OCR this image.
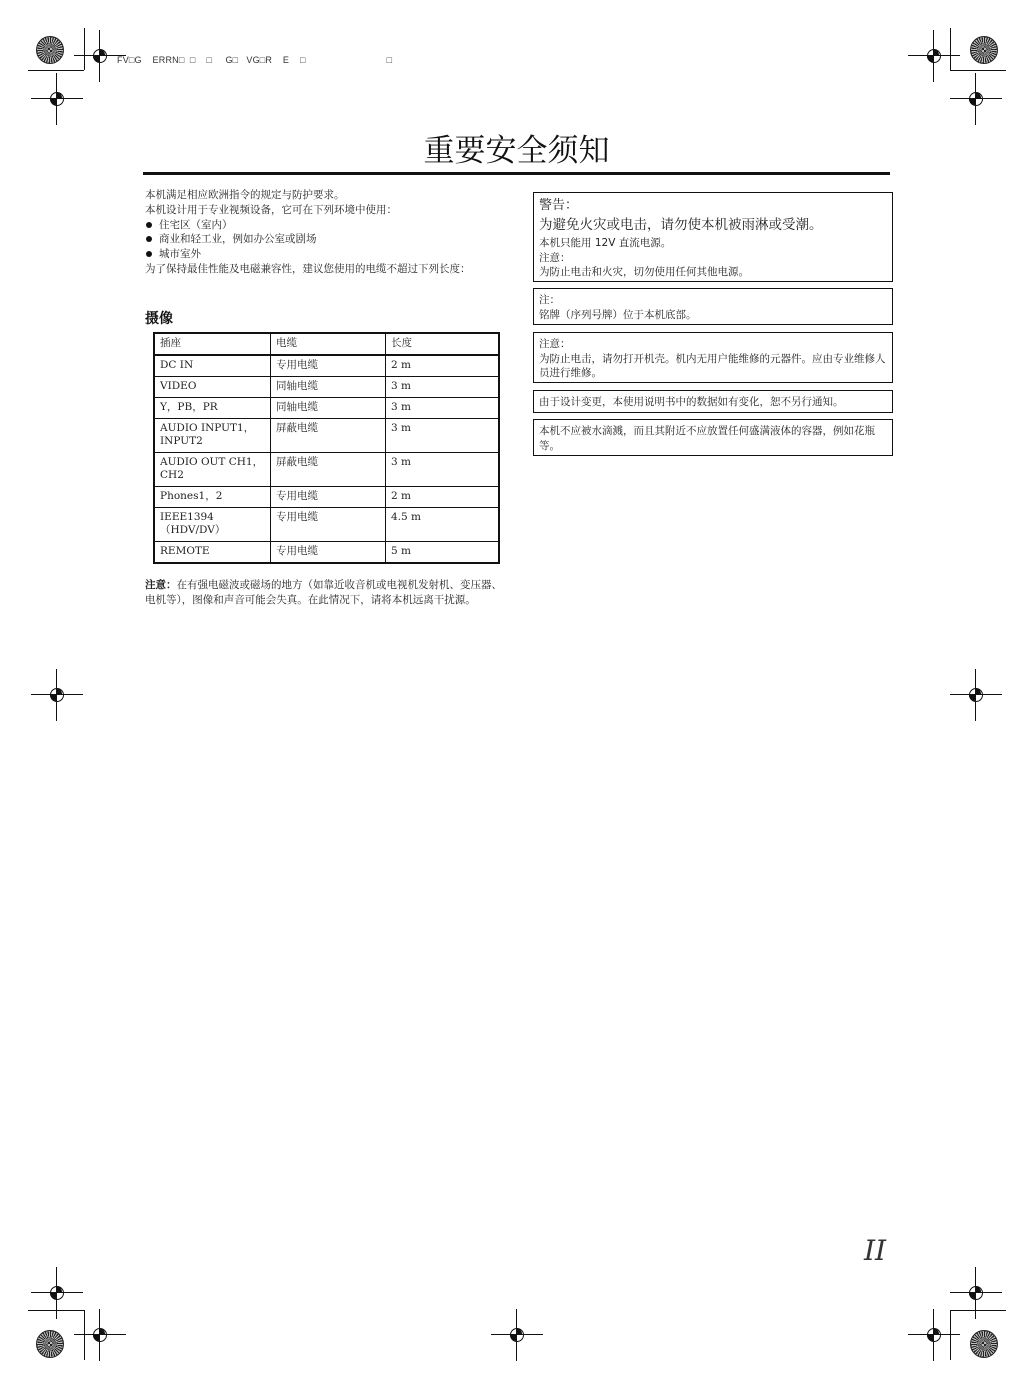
FV□G    ERRN□  □    □     G□   VG□R    E    □                              □
重要安全须知

本机满足相应欧洲指令的规定与防护要求。

本机设计用于专业视频设备，它可在下列环境中使用：

住宅区（室内）
商业和轻工业，例如办公室或剧场
城市室外

为了保持最佳性能及电磁兼容性，建议您使用的电缆不超过下列长度：

摄像
插座	电缆	长度
DC IN	专用电缆	2 m
VIDEO	同轴电缆	3 m
Y，PB，PR	同轴电缆	3 m
AUDIO INPUT1，INPUT2	屏蔽电缆	3 m
AUDIO OUT CH1，CH2	屏蔽电缆	3 m
Phones1，2	专用电缆	2 m
IEEE1394（HDV/DV）	专用电缆	4.5 m
REMOTE	专用电缆	5 m
注意：在有强电磁波或磁场的地方（如靠近收音机或电视机发射机、变压器、电机等），图像和声音可能会失真。在此情况下，请将本机远离干扰源。

警告：

为避免火灾或电击，请勿使本机被雨淋或受潮。

本机只能用 12V 直流电源。

注意：

为防止电击和火灾，切勿使用任何其他电源。

注：

铭牌（序列号牌）位于本机底部。

注意：

为防止电击，请勿打开机壳。机内无用户能维修的元器件。应由专业维修人员进行维修。

由于设计变更，本使用说明书中的数据如有变化，恕不另行通知。

本机不应被水滴溅，而且其附近不应放置任何盛满液体的容器，例如花瓶等。

II
